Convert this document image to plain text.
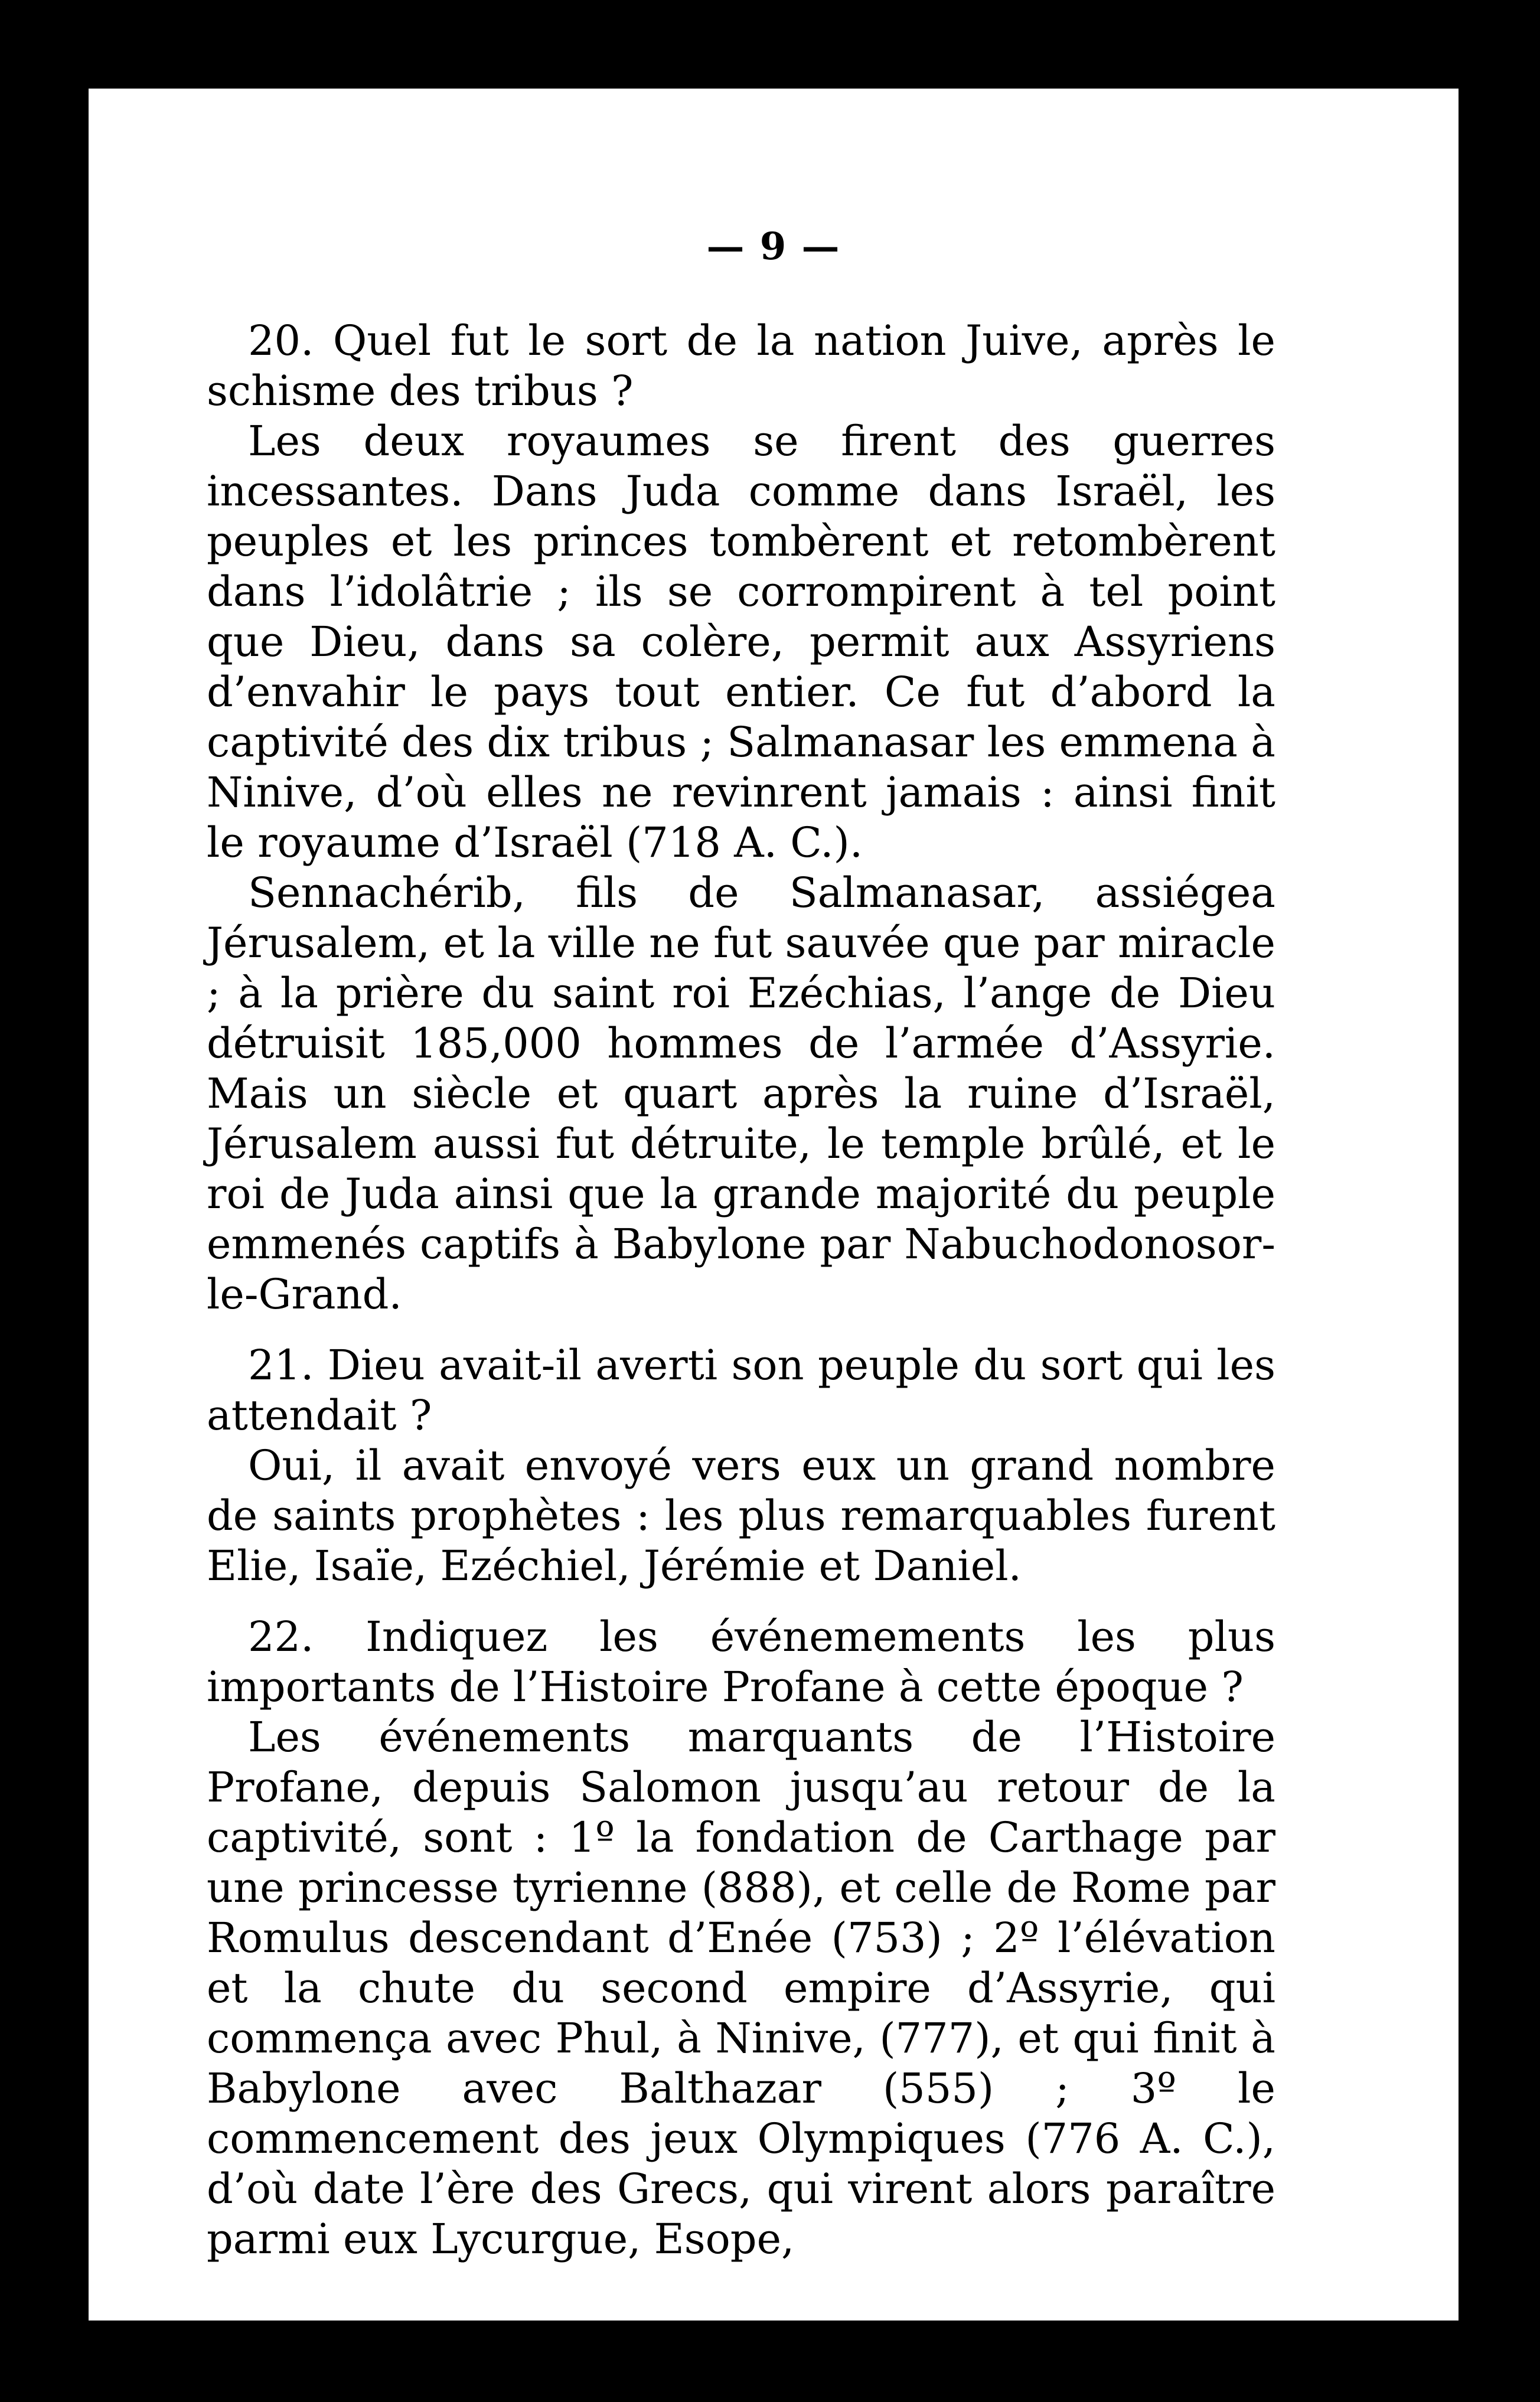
— 9 —

20. Quel fut le sort de la nation Juive, après le schisme des tribus ?

Les deux royaumes se firent des guerres incessantes. Dans Juda comme dans Israël, les peuples et les princes tombèrent et retombèrent dans l’idolâtrie ; ils se corrompirent à tel point que Dieu, dans sa colère, permit aux Assyriens d’envahir le pays tout entier. Ce fut d’abord la captivité des dix tribus ; Salmanasar les emmena à Ninive, d’où elles ne revinrent jamais : ainsi finit le royaume d’Israël (718 A. C.).

Sennachérib, fils de Salmanasar, assiégea Jérusalem, et la ville ne fut sauvée que par miracle ; à la prière du saint roi Ezéchias, l’ange de Dieu détruisit 185,000 hommes de l’armée d’Assyrie. Mais un siècle et quart après la ruine d’Israël, Jérusalem aussi fut détruite, le temple brûlé, et le roi de Juda ainsi que la grande majorité du peuple emmenés captifs à Babylone par Nabuchodonosor-le-Grand.

21. Dieu avait-il averti son peuple du sort qui les attendait ?

Oui, il avait envoyé vers eux un grand nombre de saints prophètes : les plus remarquables furent Elie, Isaïe, Ezéchiel, Jérémie et Daniel.

22. Indiquez les événemements les plus importants de l’Histoire Profane à cette époque ?

Les événements marquants de l’Histoire Profane, depuis Salomon jusqu’au retour de la captivité, sont : 1º la fondation de Carthage par une princesse tyrienne (888), et celle de Rome par Romulus descendant d’Enée (753) ; 2º l’élévation et la chute du second empire d’Assyrie, qui commença avec Phul, à Ninive, (777), et qui finit à Babylone avec Balthazar (555) ; 3º le commencement des jeux Olympiques (776 A. C.), d’où date l’ère des Grecs, qui virent alors paraître parmi eux Lycurgue, Esope,
